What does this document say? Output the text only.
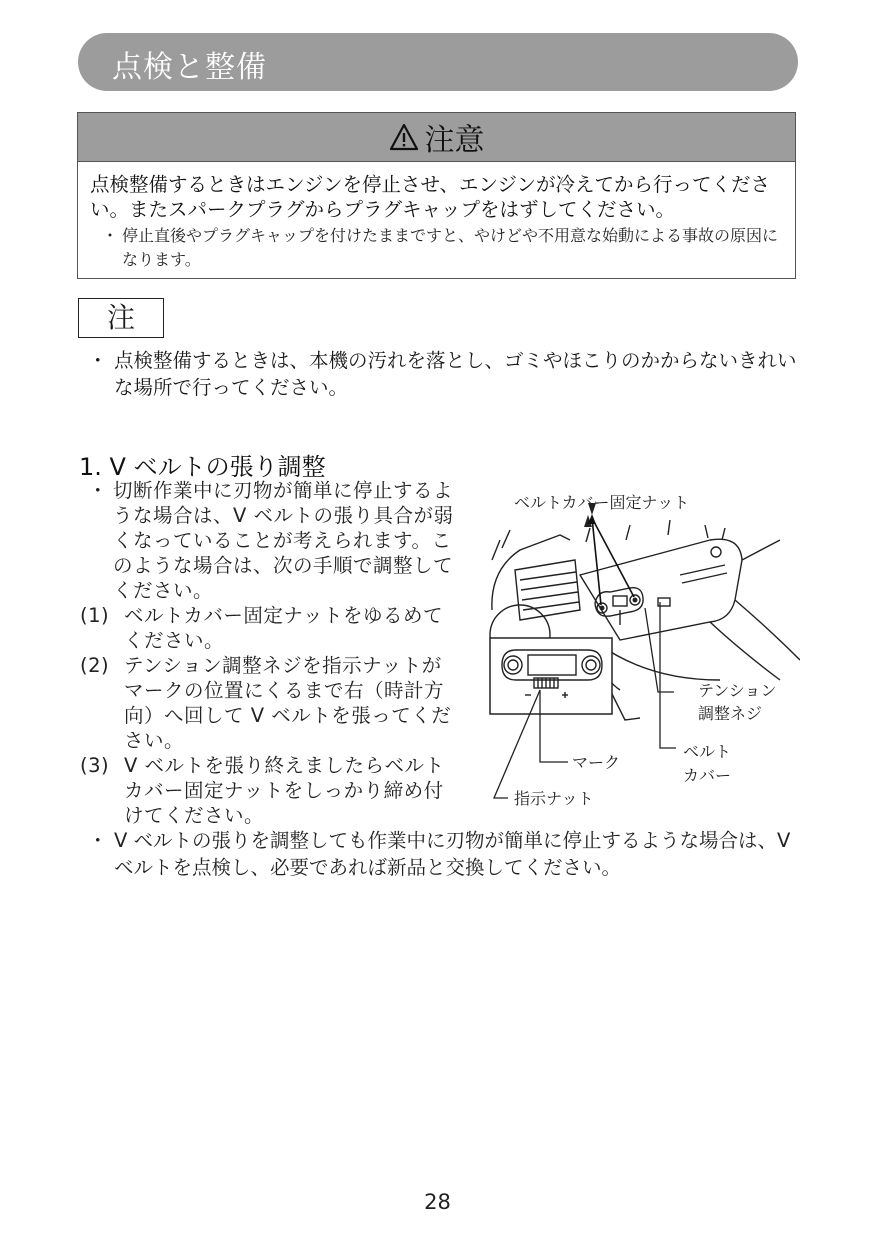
点検と整備
注意
点検整備するときはエンジンを停止させ、エンジンが冷えてから行ってください。またスパークプラグからプラグキャップをはずしてください。
・ 停止直後やプラグキャップを付けたままですと、やけどや不用意な始動による事故の原因になります。
注
・ 点検整備するときは、本機の汚れを落とし、ゴミやほこりのかからないきれいな場所で行ってください。
1. V ベルトの張り調整
・ 切断作業中に刃物が簡単に停止するような場合は、V ベルトの張り具合が弱くなっていることが考えられます。このような場合は、次の手順で調整してください。
(1) ベルトカバー固定ナットをゆるめてください。
(2) テンション調整ネジを指示ナットがマークの位置にくるまで右（時計方向）へ回して V ベルトを張ってください。
(3) V ベルトを張り終えましたらベルトカバー固定ナットをしっかり締め付けてください。
ベルトカバー固定ナット
テンション
調整ネジ
ベルト
カバー
マーク
指示ナット
・ V ベルトの張りを調整しても作業中に刃物が簡単に停止するような場合は、V ベルトを点検し、必要であれば新品と交換してください。
28
